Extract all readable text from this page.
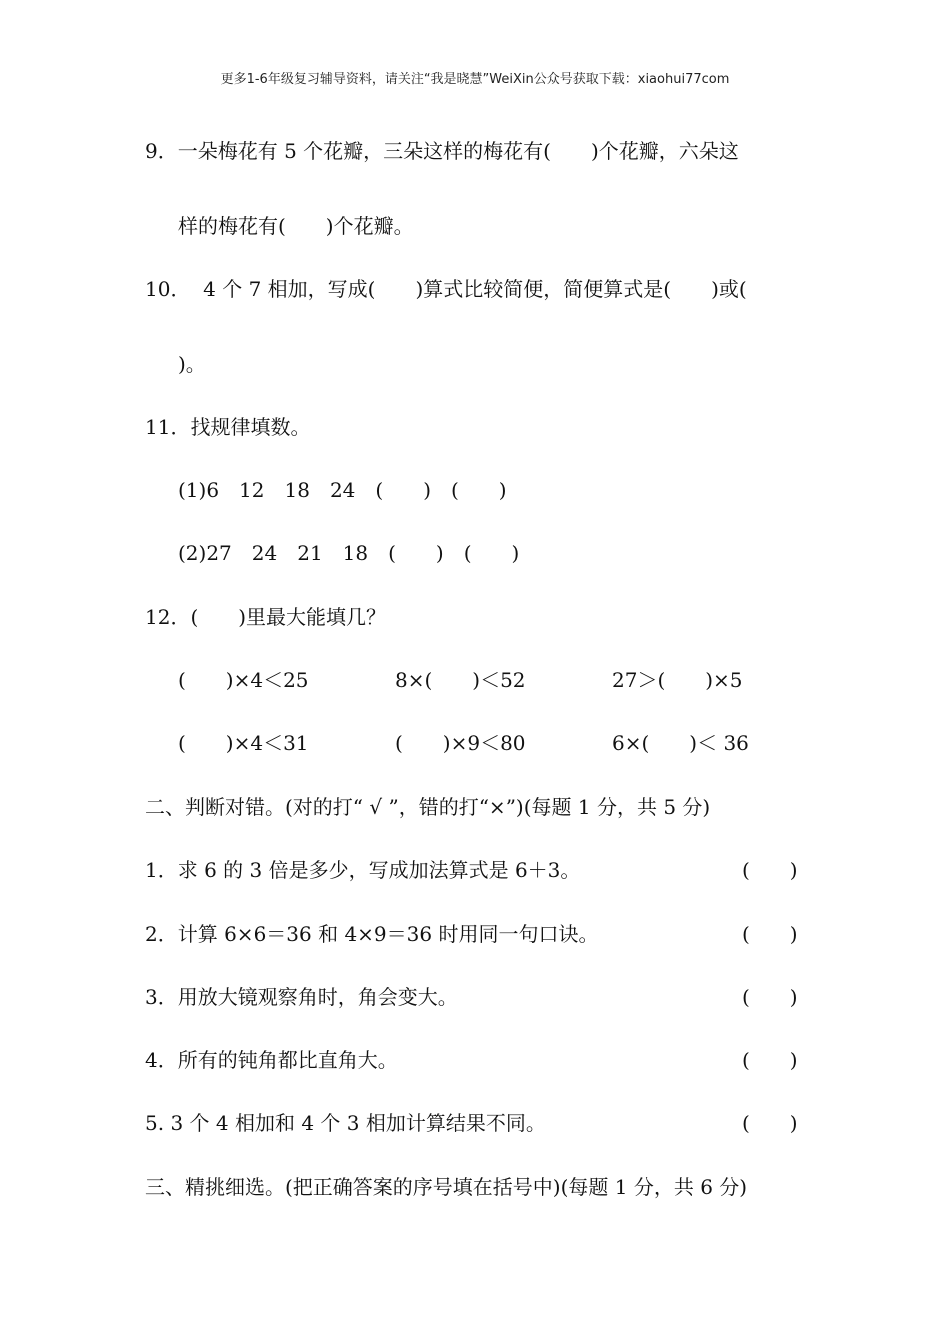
更多1-6年级复习辅导资料，请关注“我是晓慧”WeiXin公众号获取下载：xiaohui77com
9．一朵梅花有 5 个花瓣，三朵这样的梅花有(　　)个花瓣，六朵这
样的梅花有(　　)个花瓣。
10．  4 个 7 相加，写成(　　)算式比较简便，简便算式是(　　)或(
)。
11．找规律填数。
(1)6　12　18　24　(　　)　(　　)
(2)27　24　21　18　(　　)　(　　)
12．(　　)里最大能填几？
(　　)×4＜25	8×(　　)＜52	27＞(　　)×5
(　　)×4＜31	(　　)×9＜80	6×(　　)＜ 36
二、判断对错。(对的打“ √ ”，错的打“×”)(每题 1 分，共 5 分)
1．求 6 的 3 倍是多少，写成加法算式是 6＋3。	(　　)
2．计算 6×6＝36 和 4×9＝36 时用同一句口诀。	(　　)
3．用放大镜观察角时，角会变大。	(　　)
4．所有的钝角都比直角大。	(　　)
5. 3 个 4 相加和 4 个 3 相加计算结果不同。	(　　)
三、精挑细选。(把正确答案的序号填在括号中)(每题 1 分，共 6 分)
